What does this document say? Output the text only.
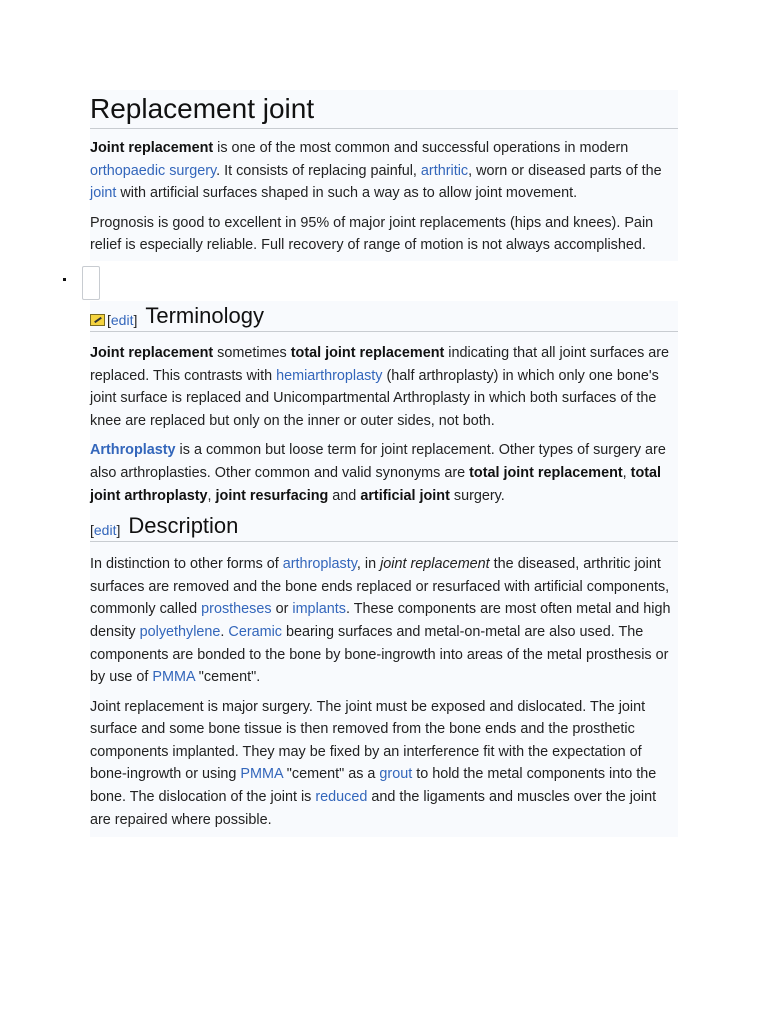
Replacement joint

Joint replacement is one of the most common and successful operations in modern orthopaedic surgery. It consists of replacing painful, arthritic, worn or diseased parts of the joint with artificial surfaces shaped in such a way as to allow joint movement.

Prognosis is good to excellent in 95% of major joint replacements (hips and knees). Pain relief is especially reliable. Full recovery of range of motion is not always accomplished.

[edit] Terminology

Joint replacement sometimes total joint replacement indicating that all joint surfaces are replaced. This contrasts with hemiarthroplasty (half arthroplasty) in which only one bone's joint surface is replaced and Unicompartmental Arthroplasty in which both surfaces of the knee are replaced but only on the inner or outer sides, not both.

Arthroplasty is a common but loose term for joint replacement. Other types of surgery are also arthroplasties. Other common and valid synonyms are total joint replacement, total joint arthroplasty, joint resurfacing and artificial joint surgery.

[edit] Description

In distinction to other forms of arthroplasty, in joint replacement the diseased, arthritic joint surfaces are removed and the bone ends replaced or resurfaced with artificial components, commonly called prostheses or implants. These components are most often metal and high density polyethylene. Ceramic bearing surfaces and metal-on-metal are also used. The components are bonded to the bone by bone-ingrowth into areas of the metal prosthesis or by use of PMMA "cement".

Joint replacement is major surgery. The joint must be exposed and dislocated. The joint surface and some bone tissue is then removed from the bone ends and the prosthetic components implanted. They may be fixed by an interference fit with the expectation of bone-ingrowth or using PMMA "cement" as a grout to hold the metal components into the bone. The dislocation of the joint is reduced and the ligaments and muscles over the joint are repaired where possible.
